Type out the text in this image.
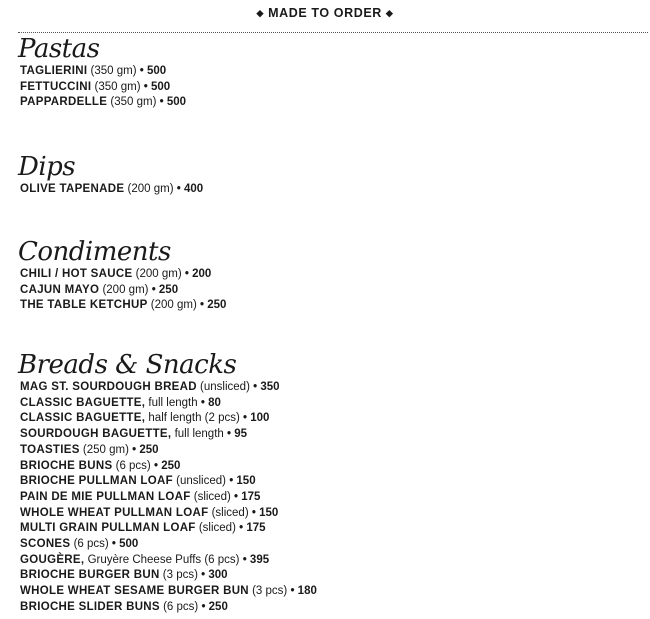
◆ MADE TO ORDER ◆
Pastas
TAGLIERINI (350 gm) • 500
FETTUCCINI (350 gm) • 500
PAPPARDELLE (350 gm) • 500
Dips
OLIVE TAPENADE (200 gm) • 400
Condiments
CHILI / HOT SAUCE (200 gm) • 200
CAJUN MAYO (200 gm) • 250
THE TABLE KETCHUP (200 gm) • 250
Breads & Snacks
MAG ST. SOURDOUGH BREAD (unsliced) • 350
CLASSIC BAGUETTE, full length • 80
CLASSIC BAGUETTE, half length (2 pcs) • 100
SOURDOUGH BAGUETTE, full length • 95
TOASTIES (250 gm) • 250
BRIOCHE BUNS (6 pcs) • 250
BRIOCHE PULLMAN LOAF (unsliced) • 150
PAIN DE MIE PULLMAN LOAF (sliced) • 175
WHOLE WHEAT PULLMAN LOAF (sliced) • 150
MULTI GRAIN PULLMAN LOAF (sliced) • 175
SCONES (6 pcs) • 500
GOUGÈRE, Gruyère Cheese Puffs (6 pcs) • 395
BRIOCHE BURGER BUN (3 pcs) • 300
WHOLE WHEAT SESAME BURGER BUN (3 pcs) • 180
BRIOCHE SLIDER BUNS (6 pcs) • 250
